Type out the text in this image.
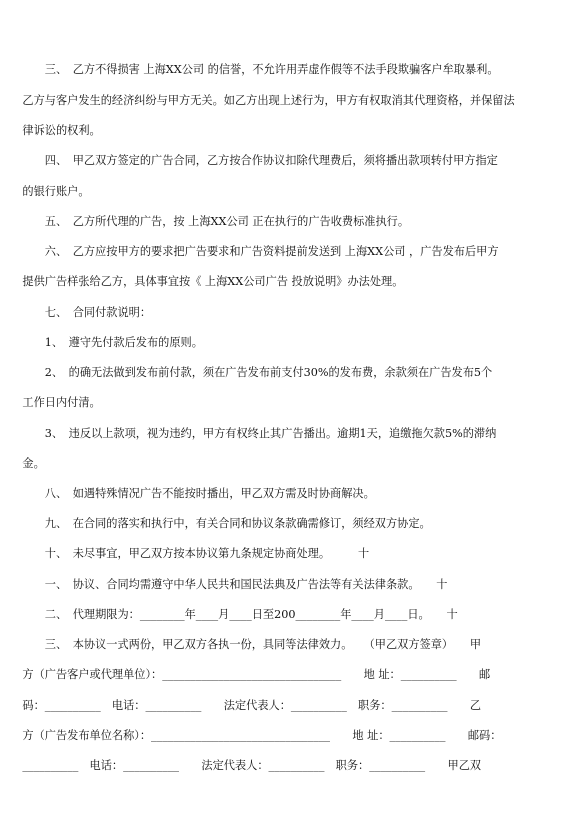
　　　　三、　乙方不得损害 上海XX公司 的信誉，不允许用弄虚作假等不法手段欺骗客户牟取暴利。
　　乙方与客户发生的经济纠纷与甲方无关。如乙方出现上述行为，甲方有权取消其代理资格，并保留法
　　律诉讼的权利。
　　　　四、　甲乙双方签定的广告合同，乙方按合作协议扣除代理费后，须将播出款项转付甲方指定
　　的银行账户。
　　　　五、　乙方所代理的广告，按 上海XX公司 正在执行的广告收费标准执行。
　　　　六、　乙方应按甲方的要求把广告要求和广告资料提前发送到 上海XX公司 ，广告发布后甲方
　　提供广告样张给乙方，具体事宜按《 上海XX公司广告 投放说明》办法处理。
　　　　七、　合同付款说明：
　　　　1、　遵守先付款后发布的原则。
　　　　2、　的确无法做到发布前付款，须在广告发布前支付30%的发布费，余款须在广告发布5个
　　工作日内付清。
　　　　3、　违反以上款项，视为违约，甲方有权终止其广告播出。逾期1天，追缴拖欠款5%的滞纳
　　金。
　　　　八、　如遇特殊情况广告不能按时播出，甲乙双方需及时协商解决。
　　　　九、　在合同的落实和执行中，有关合同和协议条款确需修订，须经双方协定。
　　　　十、　未尽事宜，甲乙双方按本协议第九条规定协商处理。　　　十
　　　　一、　协议、合同均需遵守中华人民共和国民法典及广告法等有关法律条款。　　十
　　　　二、　代理期限为：________年____月____日至200________年____月____日。　　十
　　　　三、　本协议一式两份，甲乙双方各执一份，具同等法律效力。　　（甲乙双方签章）　　甲
　　方（广告客户或代理单位）：________________________________　　地 址：__________　　邮
　　码：__________　电话：__________　　法定代表人：__________　职务：__________　　乙
　　方（广告发布单位名称）：________________________________　　地 址：__________　　邮码：
　　__________　电话：__________　　法定代表人：__________　职务：__________　　甲乙双
